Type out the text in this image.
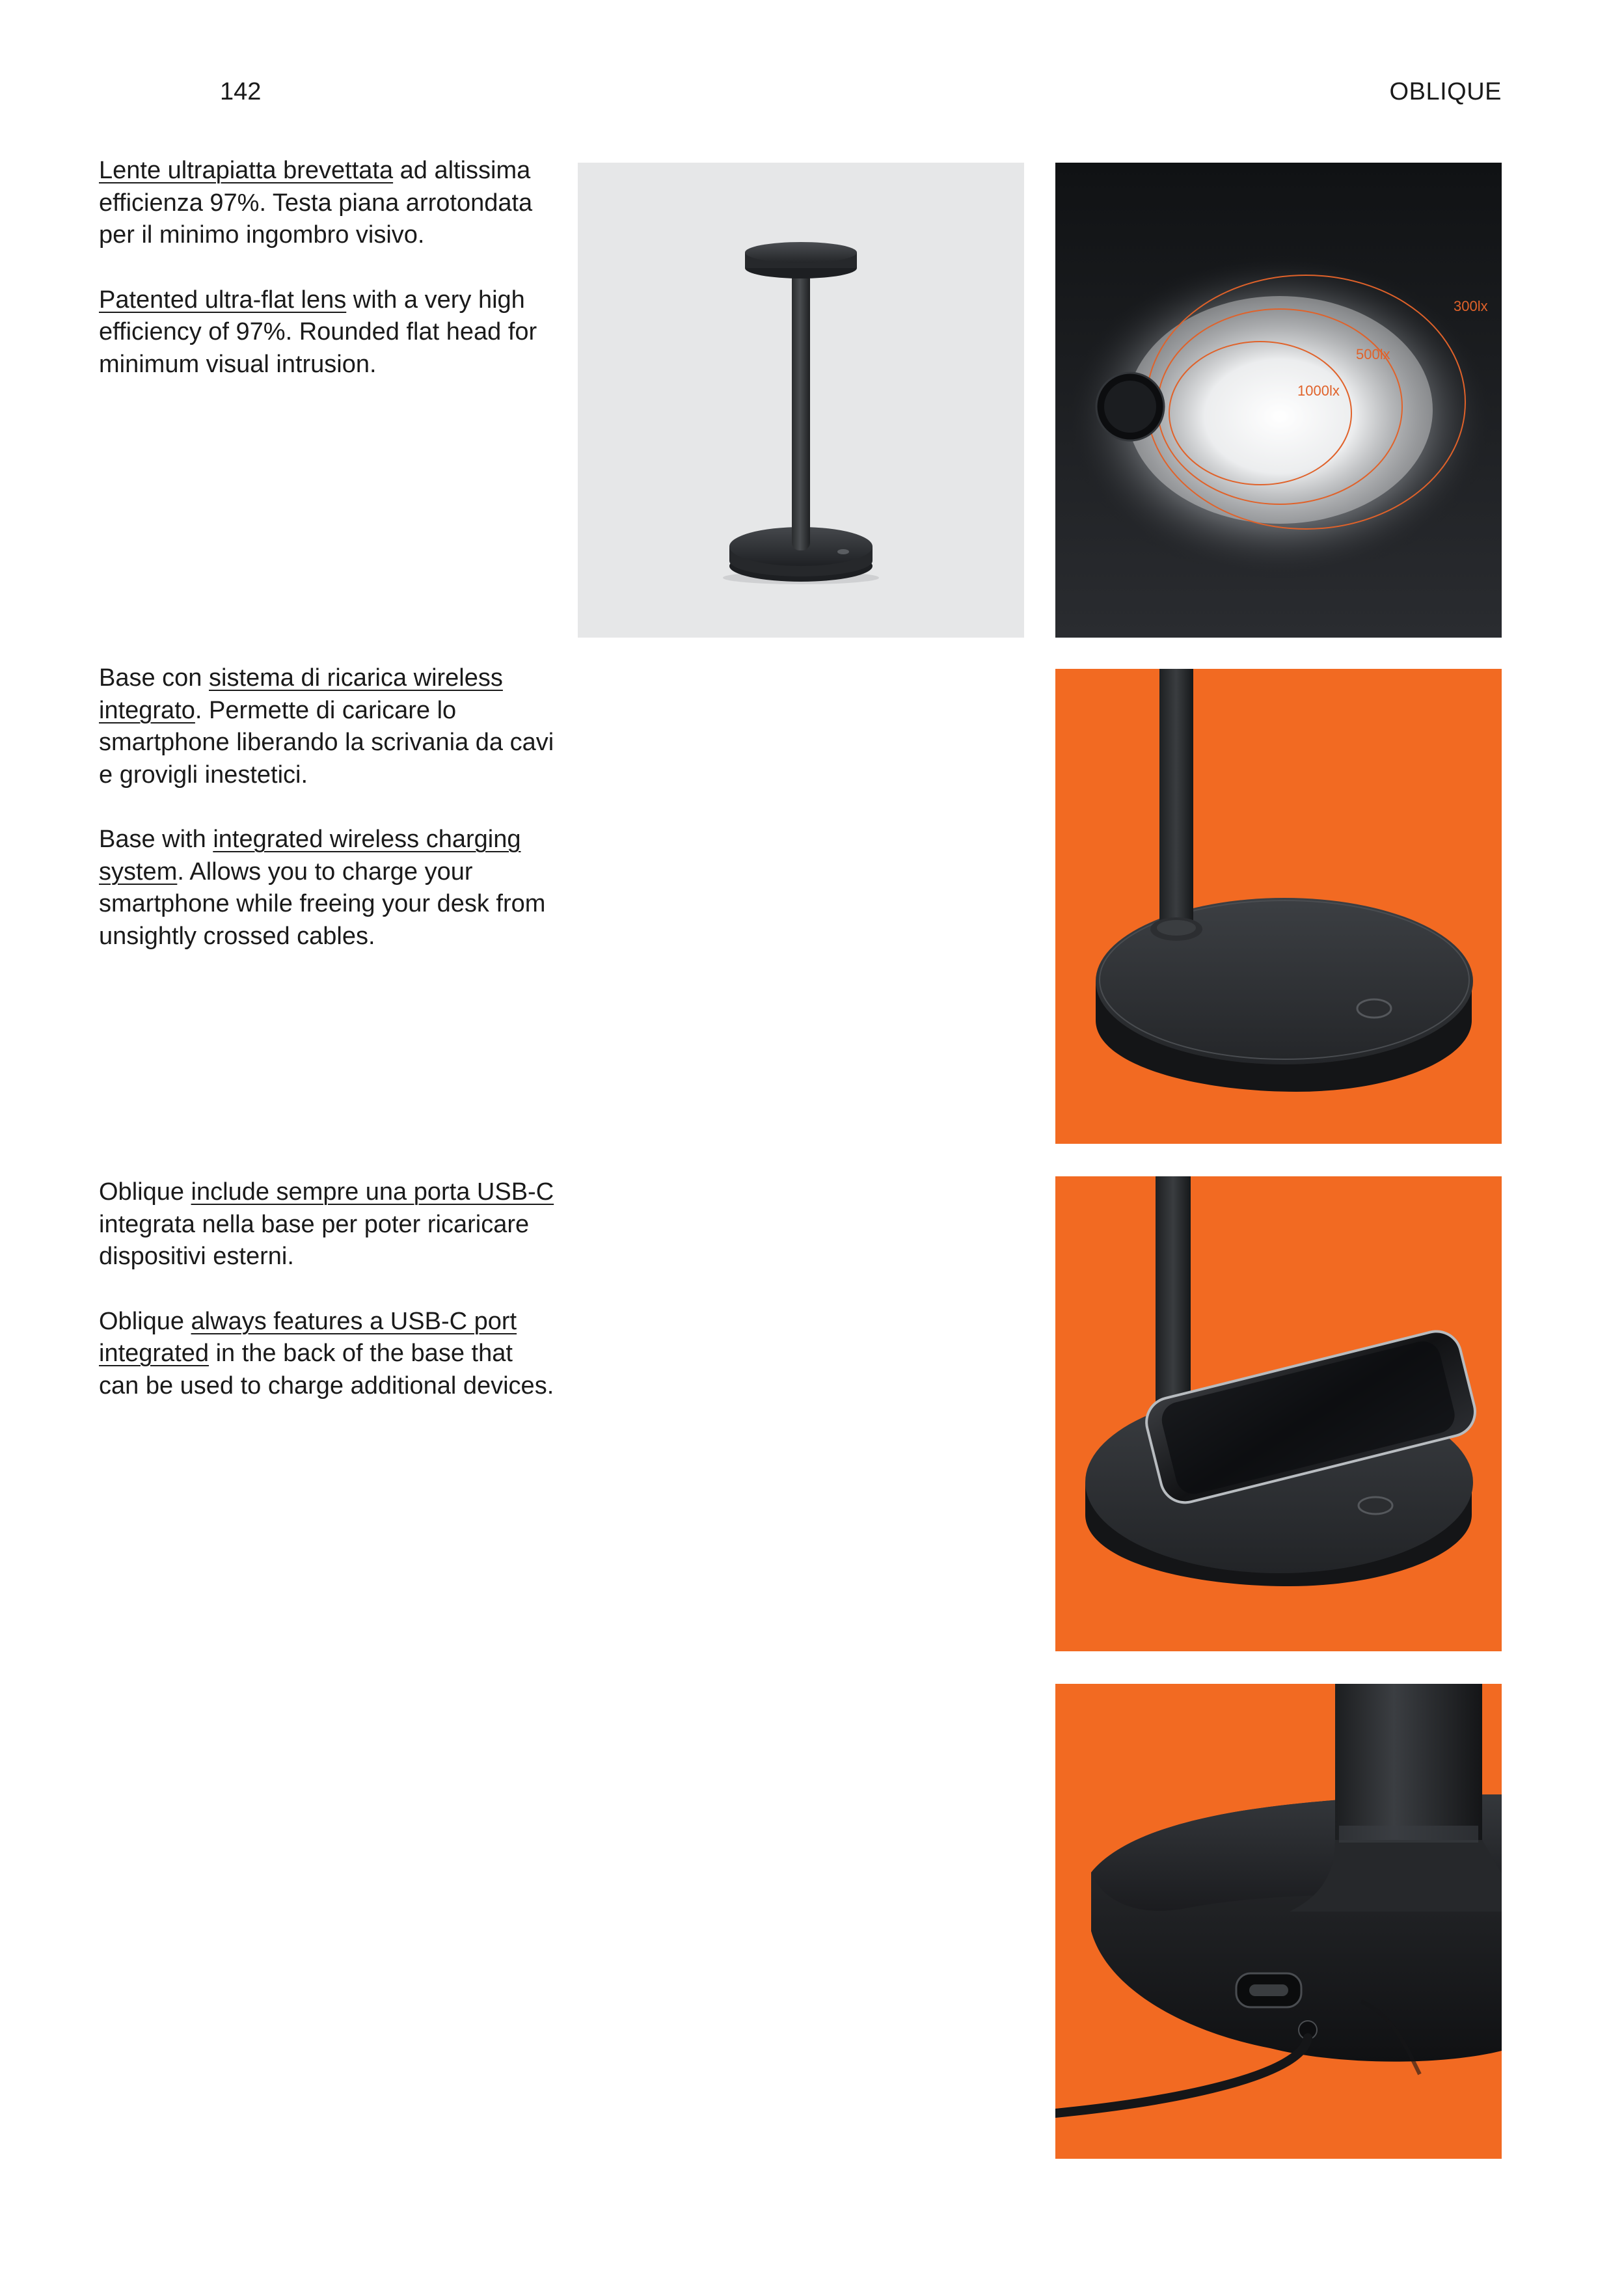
142	OBLIQUE

Lente ultrapiatta brevettata ad altissima efficienza 97%. Testa piana arrotondata per il minimo ingombro visivo.

Patented ultra-flat lens with a very high efficiency of 97%. Rounded flat head for minimum visual intrusion.

Base con sistema di ricarica wireless integrato. Permette di caricare lo smartphone liberando la scrivania da cavi e grovigli inestetici.

Base with integrated wireless charging system. Allows you to charge your smartphone while freeing your desk from unsightly crossed cables.

Oblique include sempre una porta USB-C integrata nella base per poter ricaricare dispositivi esterni.

Oblique always features a USB-C port integrated in the back of the base that can be used to charge additional devices.

300lx
500lx
1000lx
